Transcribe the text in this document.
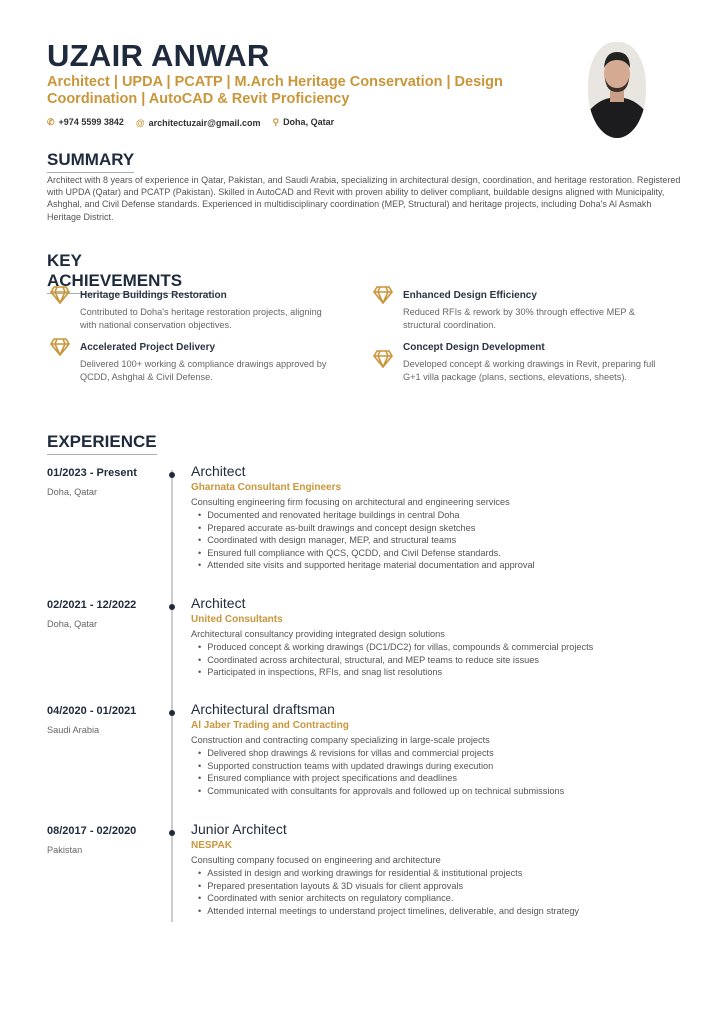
UZAIR ANWAR
Architect | UPDA | PCATP | M.Arch Heritage Conservation | Design Coordination | AutoCAD & Revit Proficiency
✆ +974 5599 3842 @ architectuzair@gmail.com ⚲ Doha, Qatar
SUMMARY
Architect with 8 years of experience in Qatar, Pakistan, and Saudi Arabia, specializing in architectural design, coordination, and heritage restoration. Registered with UPDA (Qatar) and PCATP (Pakistan). Skilled in AutoCAD and Revit with proven ability to deliver compliant, buildable designs aligned with Municipality, Ashghal, and Civil Defense standards. Experienced in multidisciplinary coordination (MEP, Structural) and heritage projects, including Doha's Al Asmakh Heritage District.
KEY ACHIEVEMENTS
Heritage Buildings Restoration
Contributed to Doha's heritage restoration projects, aligning with national conservation objectives.
Enhanced Design Efficiency
Reduced RFIs & rework by 30% through effective MEP & structural coordination.
Accelerated Project Delivery
Delivered 100+ working & compliance drawings approved by QCDD, Ashghal & Civil Defense.
Concept Design Development
Developed concept & working drawings in Revit, preparing full G+1 villa package (plans, sections, elevations, sheets).
EXPERIENCE
01/2023 - Present
Doha, Qatar
Architect
Gharnata Consultant Engineers
Consulting engineering firm focusing on architectural and engineering services
• Documented and renovated heritage buildings in central Doha
• Prepared accurate as-built drawings and concept design sketches
• Coordinated with design manager, MEP, and structural teams
• Ensured full compliance with QCS, QCDD, and Civil Defense standards.
• Attended site visits and supported heritage material documentation and approval
02/2021 - 12/2022
Doha, Qatar
Architect
United Consultants
Architectural consultancy providing integrated design solutions
• Produced concept & working drawings (DC1/DC2) for villas, compounds & commercial projects
• Coordinated across architectural, structural, and MEP teams to reduce site issues
• Participated in inspections, RFIs, and snag list resolutions
04/2020 - 01/2021
Saudi Arabia
Architectural draftsman
Al Jaber Trading and Contracting
Construction and contracting company specializing in large-scale projects
• Delivered shop drawings & revisions for villas and commercial projects
• Supported construction teams with updated drawings during execution
• Ensured compliance with project specifications and deadlines
• Communicated with consultants for approvals and followed up on technical submissions
08/2017 - 02/2020
Pakistan
Junior Architect
NESPAK
Consulting company focused on engineering and architecture
• Assisted in design and working drawings for residential & institutional projects
• Prepared presentation layouts & 3D visuals for client approvals
• Coordinated with senior architects on regulatory compliance.
• Attended internal meetings to understand project timelines, deliverable, and design strategy
